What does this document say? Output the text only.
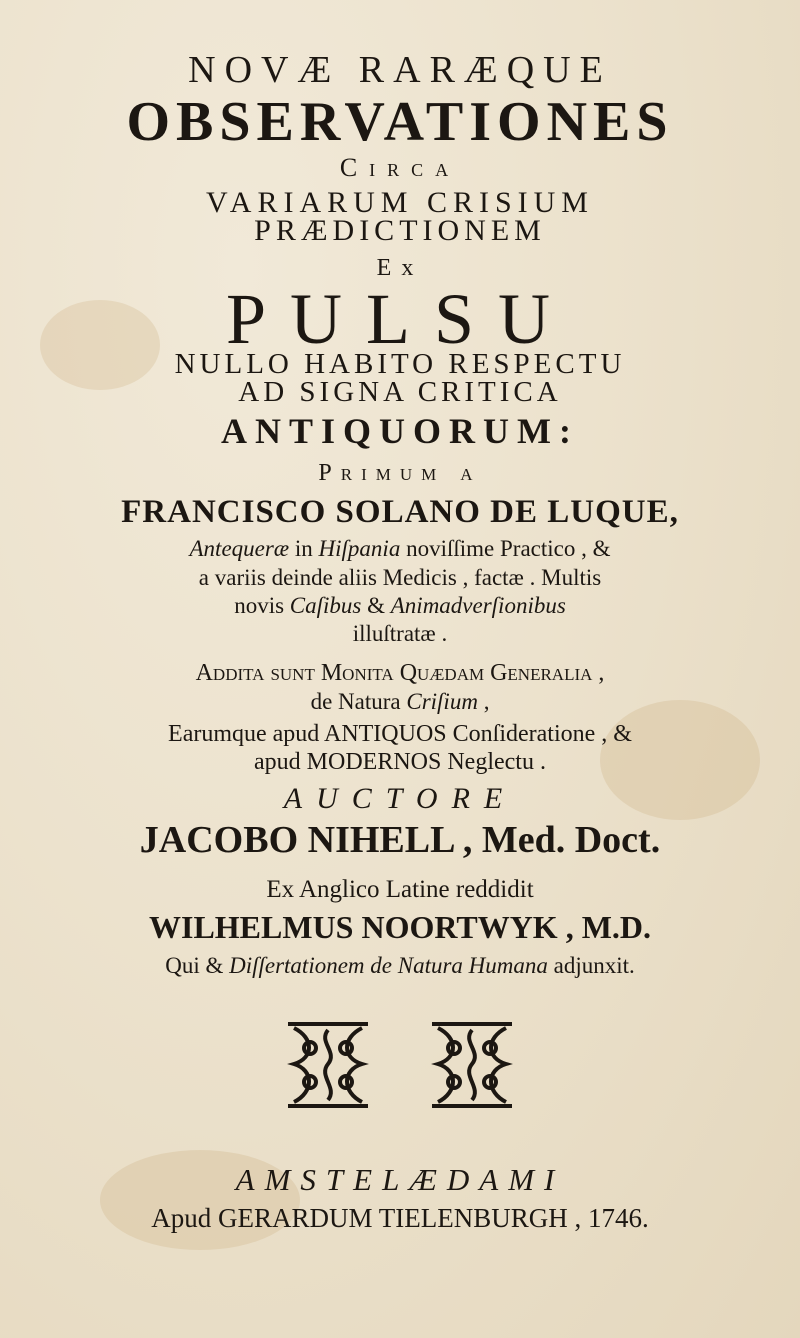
NOVÆ RARÆQUE
OBSERVATIONES
Circa
VARIARUM CRISIUM
PRÆDICTIONEM
Ex
PULSU
NULLO HABITO RESPECTU
AD SIGNA CRITICA
ANTIQUORUM:
Primum a
FRANCISCO SOLANO DE LUQUE,
Antequeræ in Hiſpania noviſſime Practico , &
a variis deinde aliis Medicis , factæ . Multis
novis Caſibus & Animadverſionibus
illuſtratæ .
Addita ſunt Monita Quædam Generalia ,
de Natura Criſium ,
Earumque apud ANTIQUOS Conſideratione , &
apud MODERNOS Neglectu .
AUCTORE
JACOBO NIHELL , Med. Doct.
Ex Anglico Latine reddidit
WILHELMUS NOORTWYK , M.D.
Qui & Diſſertationem de Natura Humana adjunxit.

AMSTELÆDAMI
Apud GERARDUM TIELENBURGH , 1746.
